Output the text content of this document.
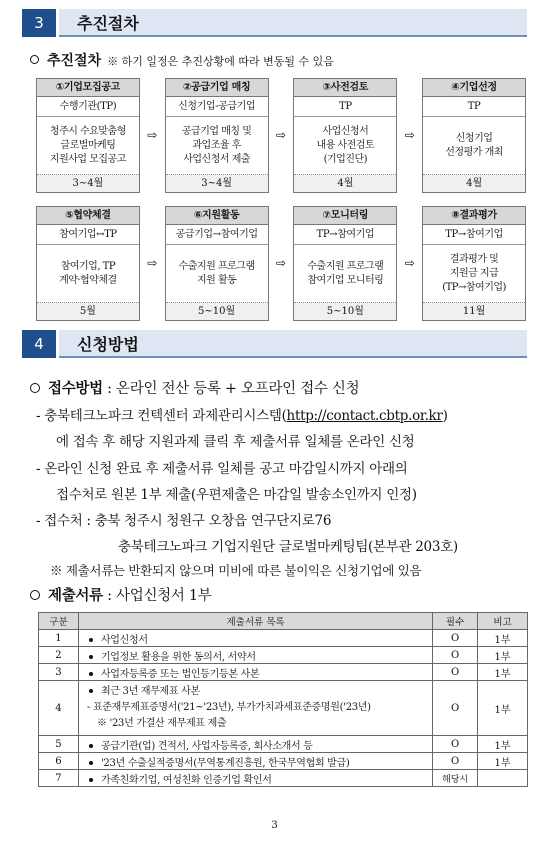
3	추진절차
추진절차 ※ 하기 일정은 추진상황에 따라 변동될 수 있음
①기업모집공고
수행기관(TP)
청주시 수요맞춤형
글로벌마케팅
지원사업 모집공고
3~4월
⇨
②공급기업 매칭
신청기업-공급기업
공급기업 매칭 및
과업조율 후
사업신청서 제출
3~4월
⇨
③사전검토
TP
사업신청서
내용 사전검토
(기업진단)
4월
⇨
④기업선정
TP
신청기업
선정평가 개최
4월
⑤협약체결
참여기업↔TP
참여기업, TP
계약·협약체결
5월
⇨
⑥지원활동
공급기업→참여기업
수출지원 프로그램
지원 활동
5~10월
⇨
⑦모니터링
TP→참여기업
수출지원 프로그램
참여기업 모니터링
5~10월
⇨
⑧결과평가
TP→참여기업
결과평가 및
지원금 지급
(TP→참여기업)
11월
4	신청방법
접수방법 : 온라인 전산 등록 + 오프라인 접수 신청
- 충북테크노파크 컨텍센터 과제관리시스템(http://contact.cbtp.or.kr)
에 접속 후 해당 지원과제 클릭 후 제출서류 일체를 온라인 신청
- 온라인 신청 완료 후 제출서류 일체를 공고 마감일시까지 아래의
접수처로 원본 1부 제출(우편제출은 마감일 발송소인까지 인정)
- 접수처 : 충북 청주시 청원구 오창읍 연구단지로76
충북테크노파크 기업지원단 글로벌마케팅팀(본부관 203호)
※ 제출서류는 반환되지 않으며 미비에 따른 불이익은 신청기업에 있음
제출서류 : 사업신청서 1부
구분	제출서류 목록	필수	비고
1	사업신청서	O	1부
2	기업정보 활용을 위한 동의서, 서약서	O	1부
3	사업자등록증 또는 법인등기등본 사본	O	1부
4	최근 3년 재무제표 사본
- 표준재무제표증명서('21~'23년), 부가가치과세표준증명원('23년)
※ '23년 가결산 재무제표 제출	O	1부
5	공급기관(업) 견적서, 사업자등록증, 회사소개서 등	O	1부
6	'23년 수출실적증명서(무역통계진흥원, 한국무역협회 발급)	O	1부
7	가족친화기업, 여성친화 인증기업 확인서	해당시	
3
